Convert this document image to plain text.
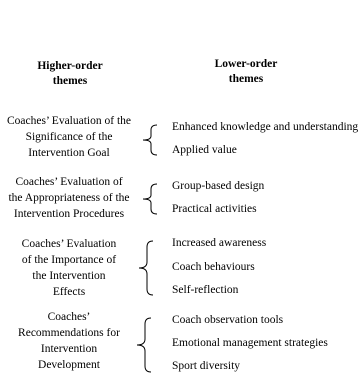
Higher-order
themes
Lower-order
themes
Coaches’ Evaluation of the
Significance of the
Intervention Goal
Enhanced knowledge and understanding
Applied value
Coaches’ Evaluation of
the Appropriateness of the
Intervention Procedures
Group-based design
Practical activities
Coaches’ Evaluation
of the Importance of
the Intervention
Effects
Increased awareness
Coach behaviours
Self-reflection
Coaches’
Recommendations for
Intervention
Development
Coach observation tools
Emotional management strategies
Sport diversity
